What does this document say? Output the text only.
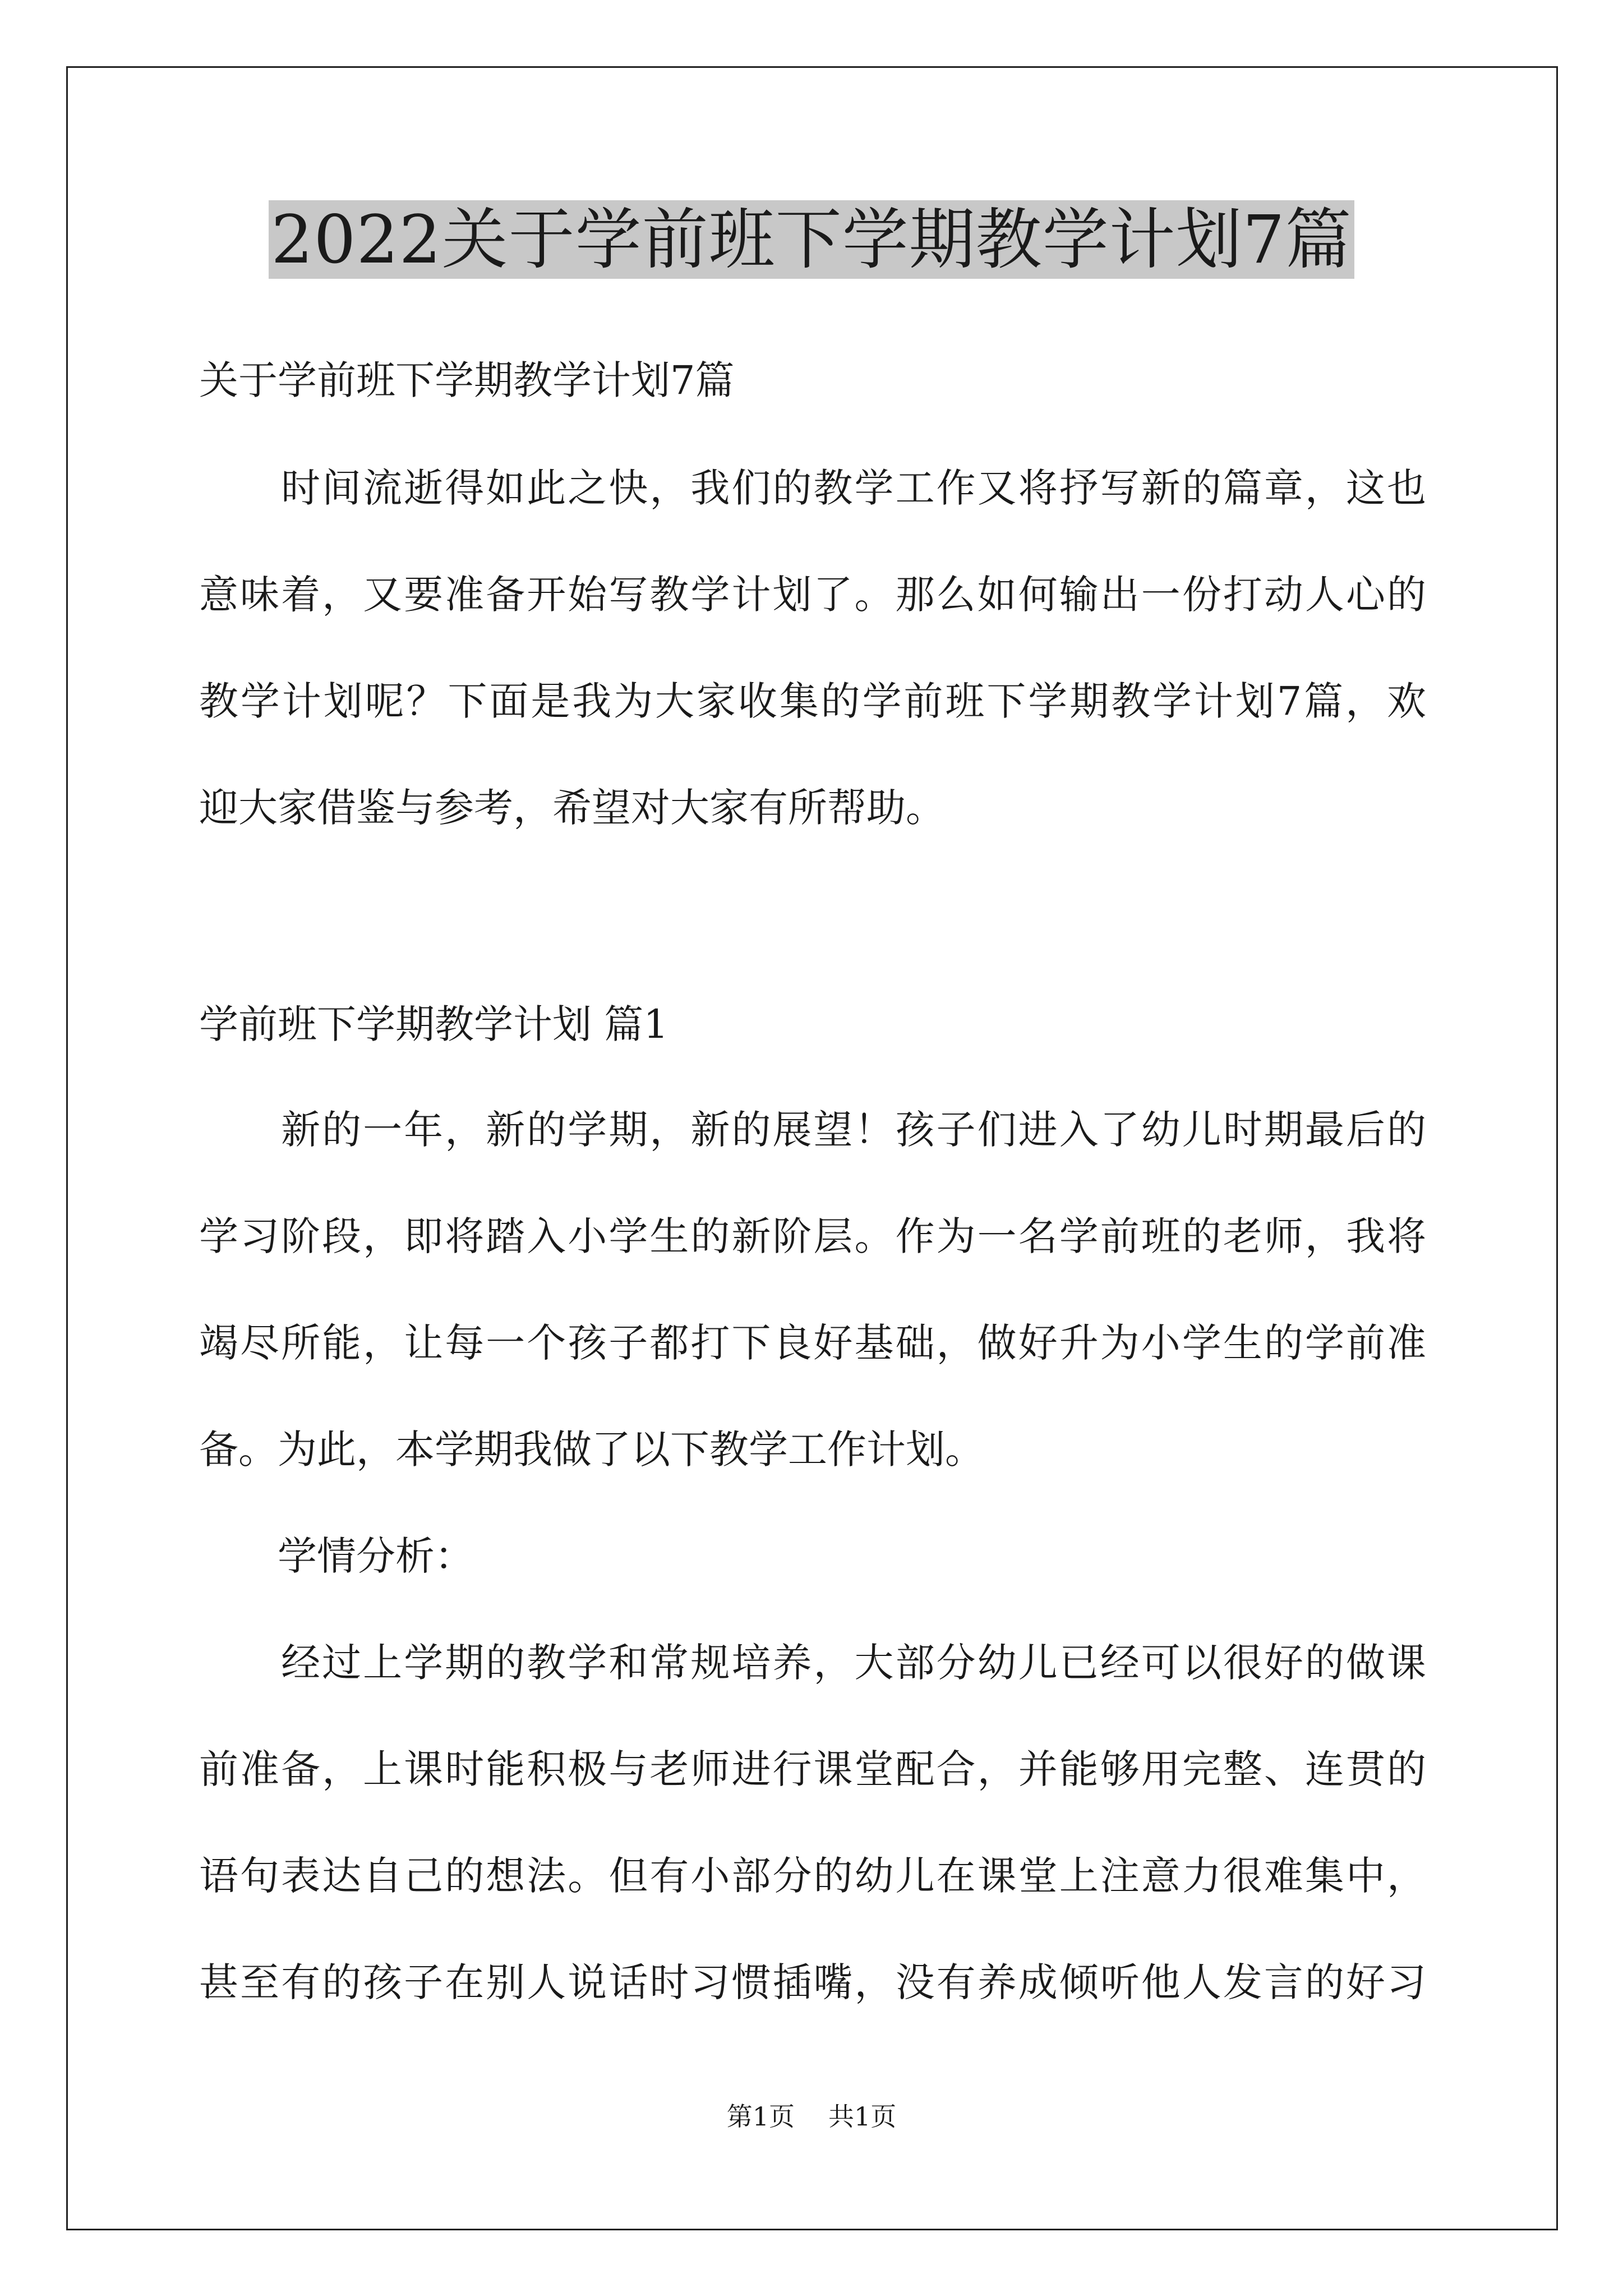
2022关于学前班下学期教学计划7篇
关于学前班下学期教学计划7篇
　　时间流逝得如此之快，我们的教学工作又将抒写新的篇章，这也
意味着，又要准备开始写教学计划了。那么如何输出一份打动人心的
教学计划呢？下面是我为大家收集的学前班下学期教学计划7篇，欢
迎大家借鉴与参考，希望对大家有所帮助。
学前班下学期教学计划 篇1
　　新的一年，新的学期，新的展望！孩子们进入了幼儿时期最后的
学习阶段，即将踏入小学生的新阶层。作为一名学前班的老师，我将
竭尽所能，让每一个孩子都打下良好基础，做好升为小学生的学前准
备。为此，本学期我做了以下教学工作计划。
　　学情分析：
　　经过上学期的教学和常规培养，大部分幼儿已经可以很好的做课
前准备，上课时能积极与老师进行课堂配合，并能够用完整、连贯的
语句表达自己的想法。但有小部分的幼儿在课堂上注意力很难集中，
甚至有的孩子在别人说话时习惯插嘴，没有养成倾听他人发言的好习
第1页 共1页
